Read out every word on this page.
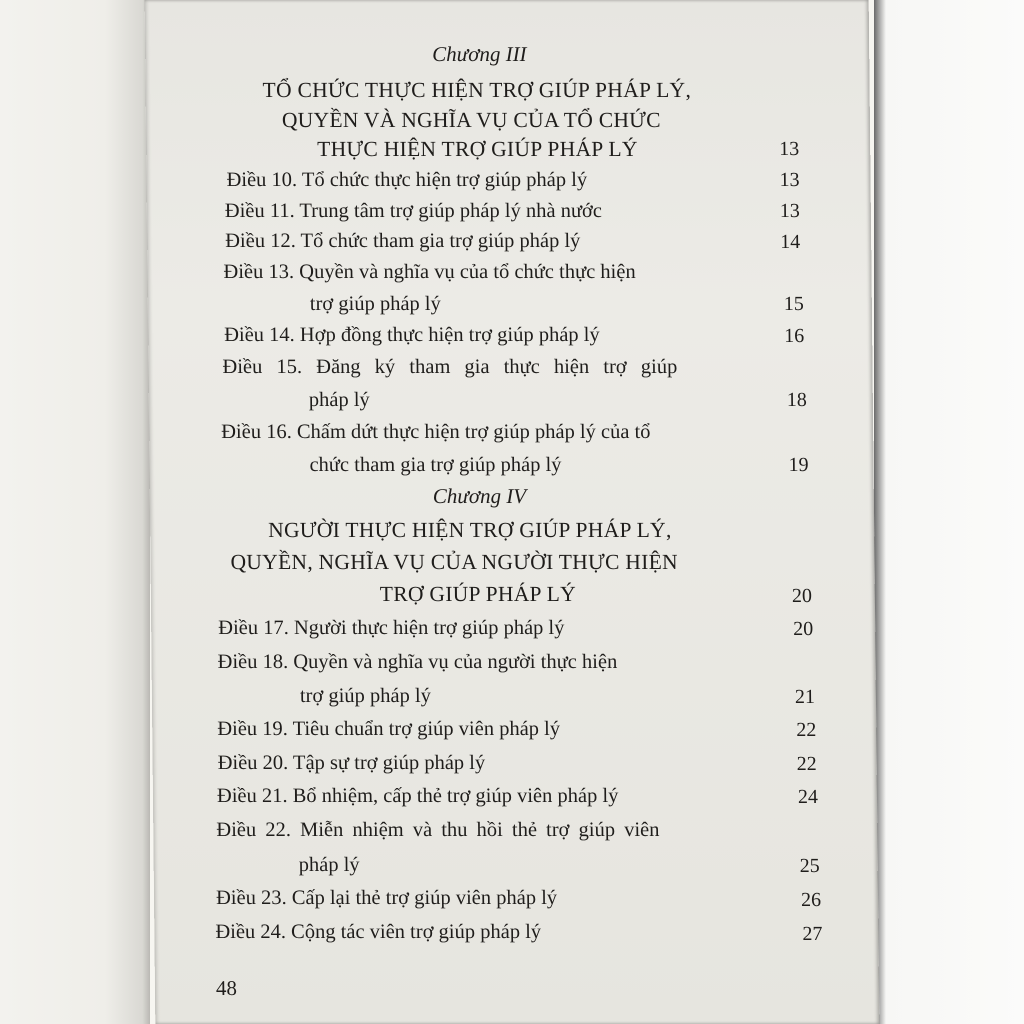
Chương III
TỔ CHỨC THỰC HIỆN TRỢ GIÚP PHÁP LÝ,
QUYỀN VÀ NGHĨA VỤ CỦA TỔ CHỨC
THỰC HIỆN TRỢ GIÚP PHÁP LÝ	13
Điều 10. Tổ chức thực hiện trợ giúp pháp lý	13
Điều 11. Trung tâm trợ giúp pháp lý nhà nước	13
Điều 12. Tổ chức tham gia trợ giúp pháp lý	14
Điều 13. Quyền và nghĩa vụ của tổ chức thực hiện
trợ giúp pháp lý	15
Điều 14. Hợp đồng thực hiện trợ giúp pháp lý	16
Điều 15. Đăng ký tham gia thực hiện trợ giúp
pháp lý	18
Điều 16. Chấm dứt thực hiện trợ giúp pháp lý của tổ
chức tham gia trợ giúp pháp lý	19
Chương IV
NGƯỜI THỰC HIỆN TRỢ GIÚP PHÁP LÝ,
QUYỀN, NGHĨA VỤ CỦA NGƯỜI THỰC HIỆN
TRỢ GIÚP PHÁP LÝ	20
Điều 17. Người thực hiện trợ giúp pháp lý	20
Điều 18. Quyền và nghĩa vụ của người thực hiện
trợ giúp pháp lý	21
Điều 19. Tiêu chuẩn trợ giúp viên pháp lý	22
Điều 20. Tập sự trợ giúp pháp lý	22
Điều 21. Bổ nhiệm, cấp thẻ trợ giúp viên pháp lý	24
Điều 22. Miễn nhiệm và thu hồi thẻ trợ giúp viên
pháp lý	25
Điều 23. Cấp lại thẻ trợ giúp viên pháp lý	26
Điều 24. Cộng tác viên trợ giúp pháp lý	27
48
